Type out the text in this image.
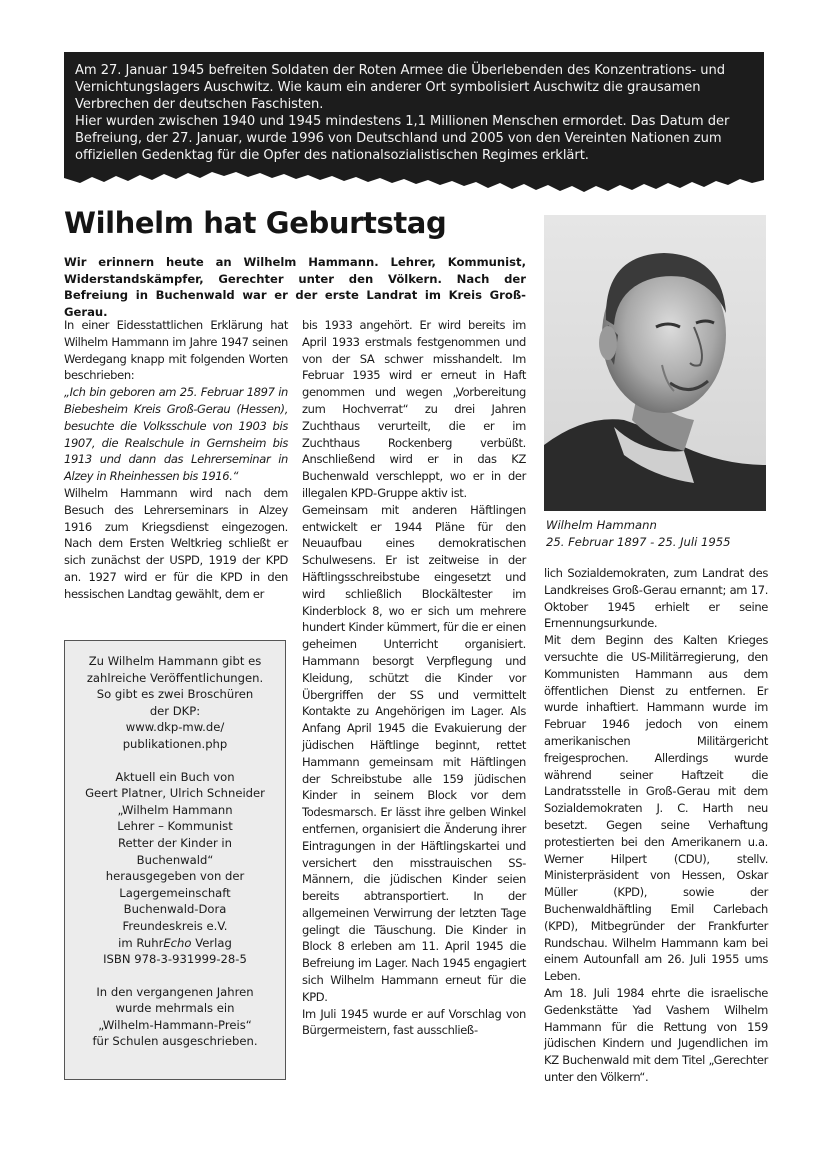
Am 27. Januar 1945 befreiten Soldaten der Roten Armee die Überlebenden des Konzentrations- und Vernichtungslagers Auschwitz. Wie kaum ein anderer Ort symbolisiert Auschwitz die grausamen Verbrechen der deutschen Faschisten.

Hier wurden zwischen 1940 und 1945 mindestens 1,1 Millionen Menschen ermordet. Das Datum der Befreiung, der 27. Januar, wurde 1996 von Deutschland und 2005 von den Vereinten Nationen zum offiziellen Gedenktag für die Opfer des nationalsozialistischen Regimes erklärt.

Wilhelm hat Geburtstag

Wir erinnern heute an Wilhelm Hammann. Lehrer, Kommunist, Widerstandskämpfer, Gerechter unter den Völkern. Nach der Befreiung in Buchenwald war er der erste Landrat im Kreis Groß-Gerau.

In einer Eidesstattlichen Erklärung hat Wilhelm Hammann im Jahre 1947 seinen Werdegang knapp mit folgenden Worten beschrieben:

„Ich bin geboren am 25. Februar 1897 in Biebesheim Kreis Groß-Gerau (Hessen), besuchte die Volksschule von 1903 bis 1907, die Realschule in Gernsheim bis 1913 und dann das Lehrerseminar in Alzey in Rheinhessen bis 1916.“

Wilhelm Hammann wird nach dem Besuch des Lehrerseminars in Alzey 1916 zum Kriegsdienst eingezogen. Nach dem Ersten Weltkrieg schließt er sich zunächst der USPD, 1919 der KPD an. 1927 wird er für die KPD in den hessischen Landtag gewählt, dem er

Zu Wilhelm Hammann gibt es
zahlreiche Veröffentlichungen.
So gibt es zwei Broschüren
der DKP:
www.dkp-mw.de/
publikationen.php

Aktuell ein Buch von
Geert Platner, Ulrich Schneider
„Wilhelm Hammann
Lehrer – Kommunist
Retter der Kinder in
Buchenwald“
herausgegeben von der
Lagergemeinschaft
Buchenwald-Dora
Freundeskreis e.V.
im RuhrEcho Verlag
ISBN 978-3-931999-28-5

In den vergangenen Jahren
wurde mehrmals ein
„Wilhelm-Hammann-Preis“
für Schulen ausgeschrieben.

bis 1933 angehört. Er wird bereits im April 1933 erstmals festgenommen und von der SA schwer misshandelt. Im Februar 1935 wird er erneut in Haft genommen und wegen „Vorbereitung zum Hochverrat“ zu drei Jahren Zuchthaus verurteilt, die er im Zuchthaus Rockenberg verbüßt. Anschließend wird er in das KZ Buchenwald verschleppt, wo er in der illegalen KPD-Gruppe aktiv ist.

Gemeinsam mit anderen Häftlingen entwickelt er 1944 Pläne für den Neuaufbau eines demokratischen Schulwesens. Er ist zeitweise in der Häftlingsschreibstube eingesetzt und wird schließlich Blockältester im Kinderblock 8, wo er sich um mehrere hundert Kinder kümmert, für die er einen geheimen Unterricht organisiert. Hammann besorgt Verpflegung und Kleidung, schützt die Kinder vor Übergriffen der SS und vermittelt Kontakte zu Angehörigen im Lager. Als Anfang April 1945 die Evakuierung der jüdischen Häftlinge beginnt, rettet Hammann gemeinsam mit Häftlingen der Schreibstube alle 159 jüdischen Kinder in seinem Block vor dem Todesmarsch. Er lässt ihre gelben Winkel entfernen, organisiert die Änderung ihrer Eintragungen in der Häftlingskartei und versichert den misstrauischen SS-Männern, die jüdischen Kinder seien bereits abtransportiert. In der allgemeinen Verwirrung der letzten Tage gelingt die Täuschung. Die Kinder in Block 8 erleben am 11. April 1945 die Befreiung im Lager. Nach 1945 engagiert sich Wilhelm Hammann erneut für die KPD.

Im Juli 1945 wurde er auf Vorschlag von Bürgermeistern, fast ausschließ-

Wilhelm Hammann
25. Februar 1897 - 25. Juli 1955

lich Sozialdemokraten, zum Landrat des Landkreises Groß-Gerau ernannt; am 17. Oktober 1945 erhielt er seine Ernennungsurkunde.

Mit dem Beginn des Kalten Krieges versuchte die US-Militärregierung, den Kommunisten Hammann aus dem öffentlichen Dienst zu entfernen. Er wurde inhaftiert. Hammann wurde im Februar 1946 jedoch von einem amerikanischen Militärgericht freigesprochen. Allerdings wurde während seiner Haftzeit die Landratsstelle in Groß-Gerau mit dem Sozialdemokraten J. C. Harth neu besetzt. Gegen seine Verhaftung protestierten bei den Amerikanern u.a. Werner Hilpert (CDU), stellv. Ministerpräsident von Hessen, Oskar Müller (KPD), sowie der Buchenwaldhäftling Emil Carlebach (KPD), Mitbegründer der Frankfurter Rundschau. Wilhelm Hammann kam bei einem Autounfall am 26. Juli 1955 ums Leben.

Am 18. Juli 1984 ehrte die israelische Gedenkstätte Yad Vashem Wilhelm Hammann für die Rettung von 159 jüdischen Kindern und Jugendlichen im KZ Buchenwald mit dem Titel „Gerechter unter den Völkern“.
